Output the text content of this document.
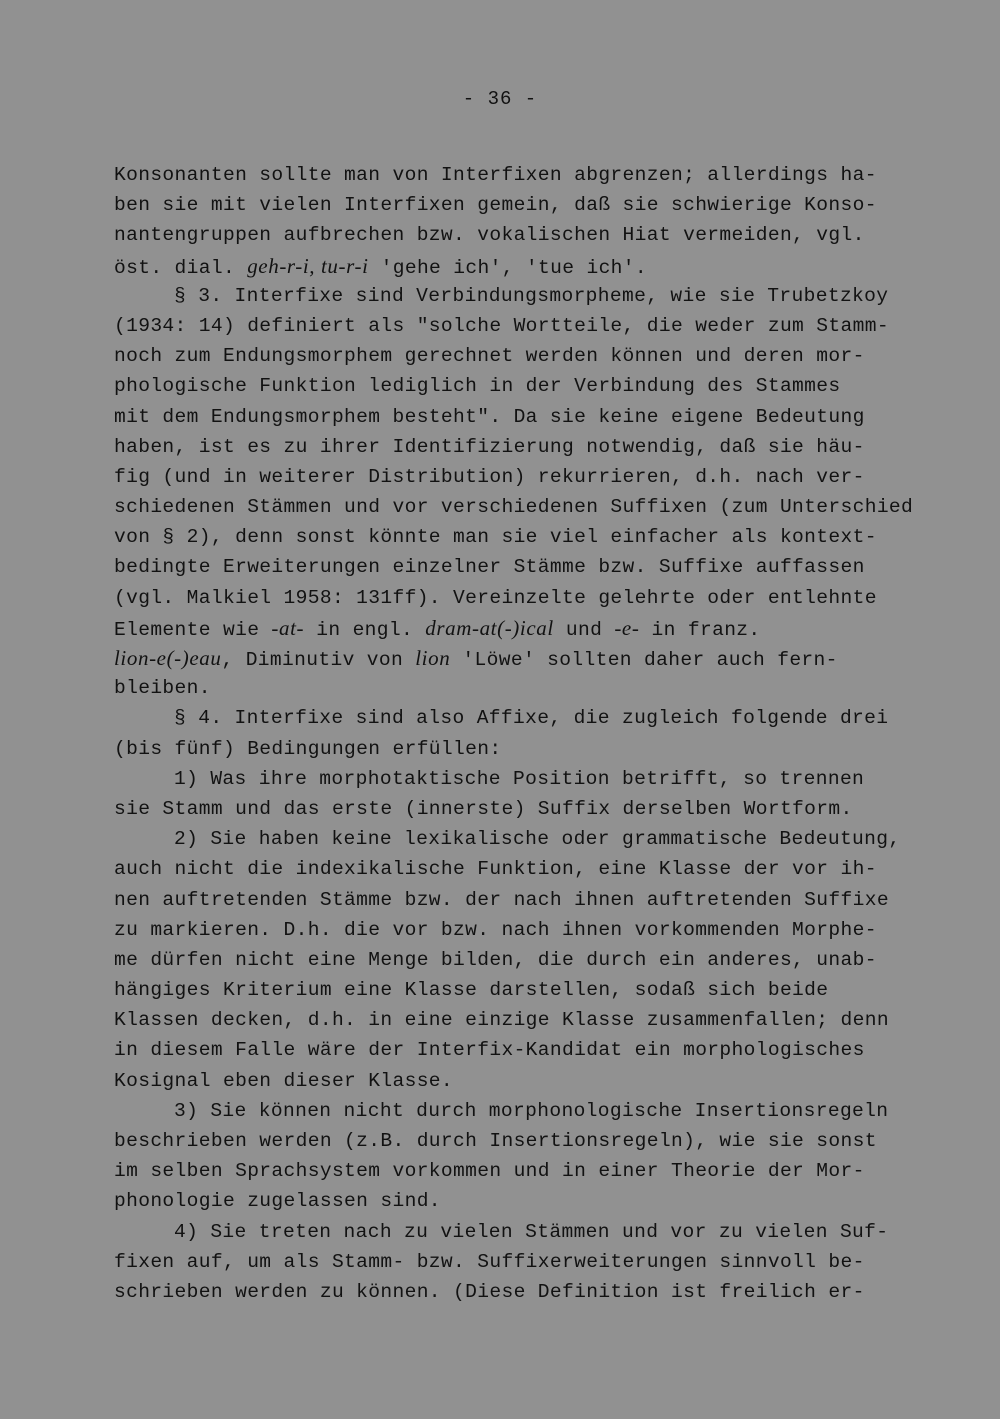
- 36 -
Konsonanten sollte man von Interfixen abgrenzen; allerdings ha-
ben sie mit vielen Interfixen gemein, daß sie schwierige Konso-
nantengruppen aufbrechen bzw. vokalischen Hiat vermeiden, vgl.
öst. dial. geh-r-i, tu-r-i 'gehe ich', 'tue ich'.
§ 3. Interfixe sind Verbindungsmorpheme, wie sie Trubetzkoy
(1934: 14) definiert als "solche Wortteile, die weder zum Stamm-
noch zum Endungsmorphem gerechnet werden können und deren mor-
phologische Funktion lediglich in der Verbindung des Stammes
mit dem Endungsmorphem besteht". Da sie keine eigene Bedeutung
haben, ist es zu ihrer Identifizierung notwendig, daß sie häu-
fig (und in weiterer Distribution) rekurrieren, d.h. nach ver-
schiedenen Stämmen und vor verschiedenen Suffixen (zum Unterschied
von § 2), denn sonst könnte man sie viel einfacher als kontext-
bedingte Erweiterungen einzelner Stämme bzw. Suffixe auffassen
(vgl. Malkiel 1958: 131ff). Vereinzelte gelehrte oder entlehnte
Elemente wie -at- in engl. dram-at(-)ical und -e- in franz.
lion-e(-)eau, Diminutiv von lion 'Löwe' sollten daher auch fern-
bleiben.
§ 4. Interfixe sind also Affixe, die zugleich folgende drei
(bis fünf) Bedingungen erfüllen:
1) Was ihre morphotaktische Position betrifft, so trennen
sie Stamm und das erste (innerste) Suffix derselben Wortform.
2) Sie haben keine lexikalische oder grammatische Bedeutung,
auch nicht die indexikalische Funktion, eine Klasse der vor ih-
nen auftretenden Stämme bzw. der nach ihnen auftretenden Suffixe
zu markieren. D.h. die vor bzw. nach ihnen vorkommenden Morphe-
me dürfen nicht eine Menge bilden, die durch ein anderes, unab-
hängiges Kriterium eine Klasse darstellen, sodaß sich beide
Klassen decken, d.h. in eine einzige Klasse zusammenfallen; denn
in diesem Falle wäre der Interfix-Kandidat ein morphologisches
Kosignal eben dieser Klasse.
3) Sie können nicht durch morphonologische Insertionsregeln
beschrieben werden (z.B. durch Insertionsregeln), wie sie sonst
im selben Sprachsystem vorkommen und in einer Theorie der Mor-
phonologie zugelassen sind.
4) Sie treten nach zu vielen Stämmen und vor zu vielen Suf-
fixen auf, um als Stamm- bzw. Suffixerweiterungen sinnvoll be-
schrieben werden zu können. (Diese Definition ist freilich er-
